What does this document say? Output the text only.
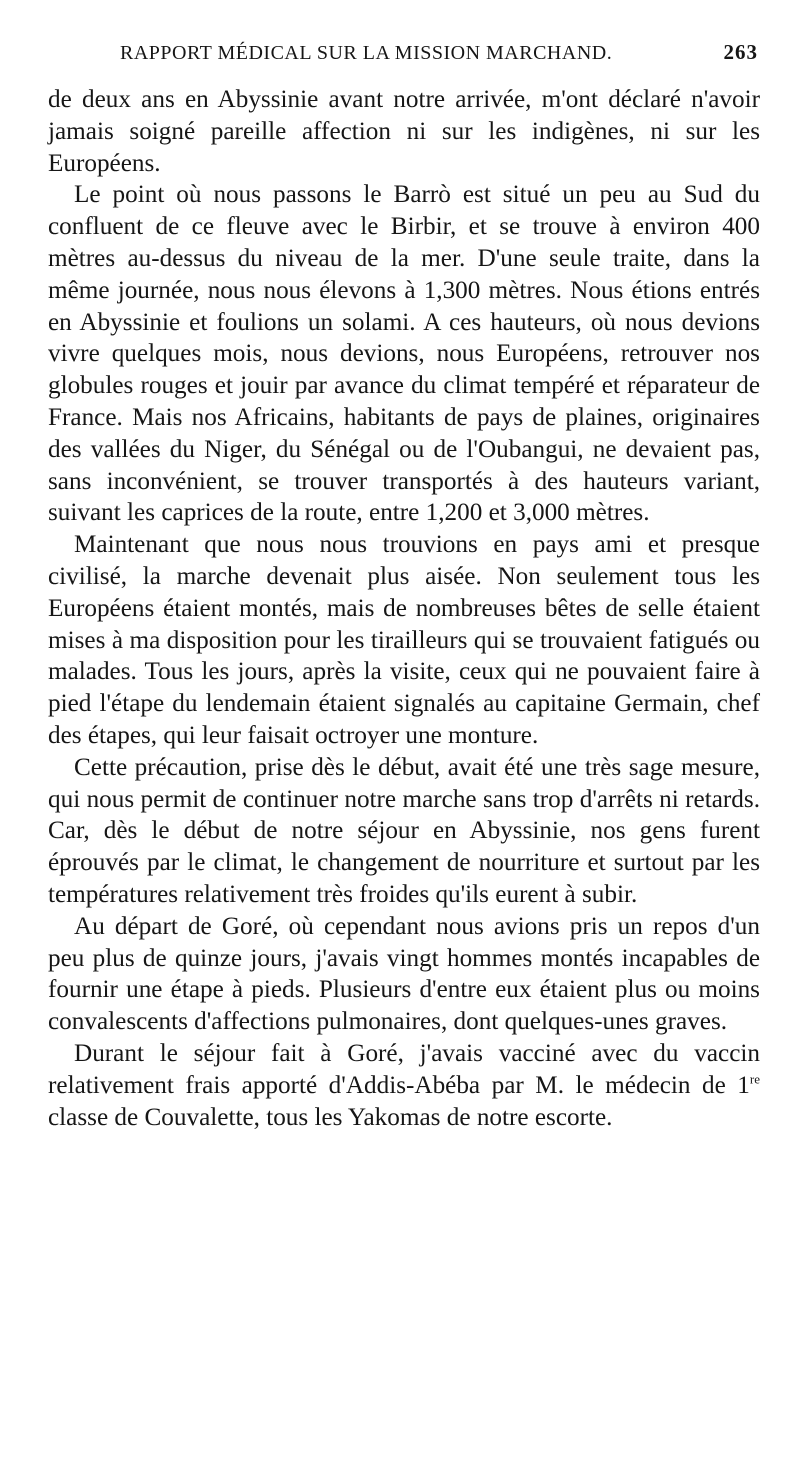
RAPPORT MÉDICAL SUR LA MISSION MARCHAND.	263

de deux ans en Abyssinie avant notre arrivée, m'ont déclaré n'avoir jamais soigné pareille affection ni sur les indigènes, ni sur les Européens.

Le point où nous passons le Barrò est situé un peu au Sud du confluent de ce fleuve avec le Birbir, et se trouve à environ 400 mètres au-dessus du niveau de la mer. D'une seule traite, dans la même journée, nous nous élevons à 1,300 mètres. Nous étions entrés en Abyssinie et foulions un solami. A ces hauteurs, où nous devions vivre quelques mois, nous devions, nous Européens, retrouver nos globules rouges et jouir par avance du climat tempéré et réparateur de France. Mais nos Africains, habitants de pays de plaines, originaires des vallées du Niger, du Sénégal ou de l'Oubangui, ne devaient pas, sans inconvénient, se trouver transportés à des hauteurs variant, suivant les caprices de la route, entre 1,200 et 3,000 mètres.

Maintenant que nous nous trouvions en pays ami et presque civilisé, la marche devenait plus aisée. Non seulement tous les Européens étaient montés, mais de nombreuses bêtes de selle étaient mises à ma disposition pour les tirailleurs qui se trouvaient fatigués ou malades. Tous les jours, après la visite, ceux qui ne pouvaient faire à pied l'étape du lendemain étaient signalés au capitaine Germain, chef des étapes, qui leur faisait octroyer une monture.

Cette précaution, prise dès le début, avait été une très sage mesure, qui nous permit de continuer notre marche sans trop d'arrêts ni retards. Car, dès le début de notre séjour en Abyssinie, nos gens furent éprouvés par le climat, le changement de nourriture et surtout par les températures relativement très froides qu'ils eurent à subir.

Au départ de Goré, où cependant nous avions pris un repos d'un peu plus de quinze jours, j'avais vingt hommes montés incapables de fournir une étape à pieds. Plusieurs d'entre eux étaient plus ou moins convalescents d'affections pulmonaires, dont quelques-unes graves.

Durant le séjour fait à Goré, j'avais vacciné avec du vaccin relativement frais apporté d'Addis-Abéba par M. le médecin de 1re classe de Couvalette, tous les Yakomas de notre escorte.
